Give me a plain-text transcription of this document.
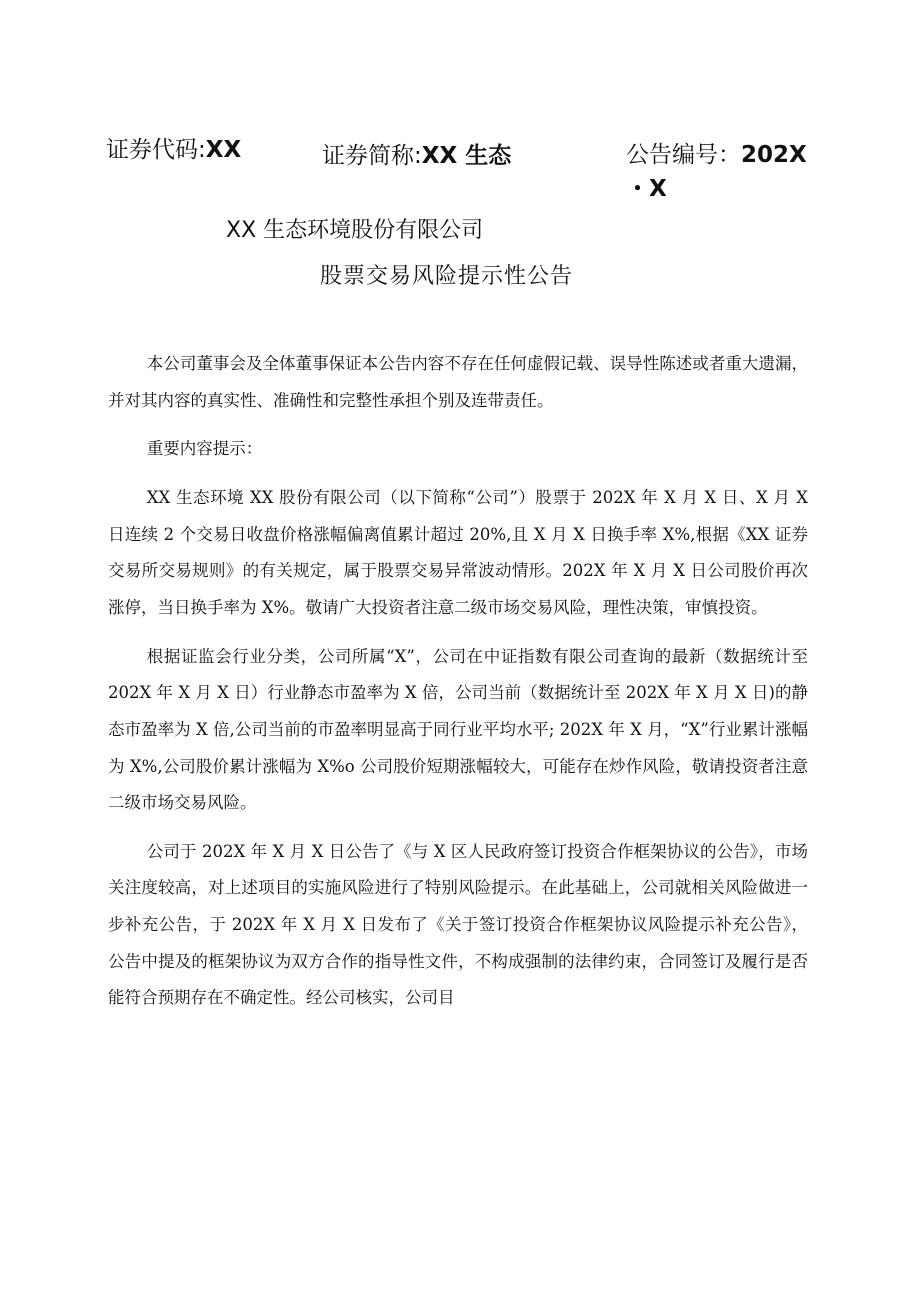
证券代码:XX	证券简称:XX 生态	公告编号：202X
・X
XX 生态环境股份有限公司
股票交易风险提示性公告

本公司董事会及全体董事保证本公告内容不存在任何虚假记载、误导性陈述或者重大遗漏，并对其内容的真实性、准确性和完整性承担个别及连带责任。

重要内容提示：

XX 生态环境 XX 股份有限公司（以下简称“公司”）股票于 202X 年 X 月 X 日、X 月 X 日连续 2 个交易日收盘价格涨幅偏离值累计超过 20%,且 X 月 X 日换手率 X%,根据《XX 证券交易所交易规则》的有关规定，属于股票交易异常波动情形。202X 年 X 月 X 日公司股价再次涨停，当日换手率为 X%。敬请广大投资者注意二级市场交易风险，理性决策，审慎投资。

根据证监会行业分类，公司所属“X”，公司在中证指数有限公司查询的最新（数据统计至 202X 年 X 月 X 日）行业静态市盈率为 X 倍，公司当前（数据统计至 202X 年 X 月 X 日)的静态市盈率为 X 倍,公司当前的市盈率明显高于同行业平均水平; 202X 年 X 月，“X”行业累计涨幅为 X%,公司股价累计涨幅为 X%o 公司股价短期涨幅较大，可能存在炒作风险，敬请投资者注意二级市场交易风险。

公司于 202X 年 X 月 X 日公告了《与 X 区人民政府签订投资合作框架协议的公告》，市场关注度较高，对上述项目的实施风险进行了特别风险提示。在此基础上，公司就相关风险做进一步补充公告，于 202X 年 X 月 X 日发布了《关于签订投资合作框架协议风险提示补充公告》，公告中提及的框架协议为双方合作的指导性文件，不构成强制的法律约束，合同签订及履行是否能符合预期存在不确定性。经公司核实，公司目
